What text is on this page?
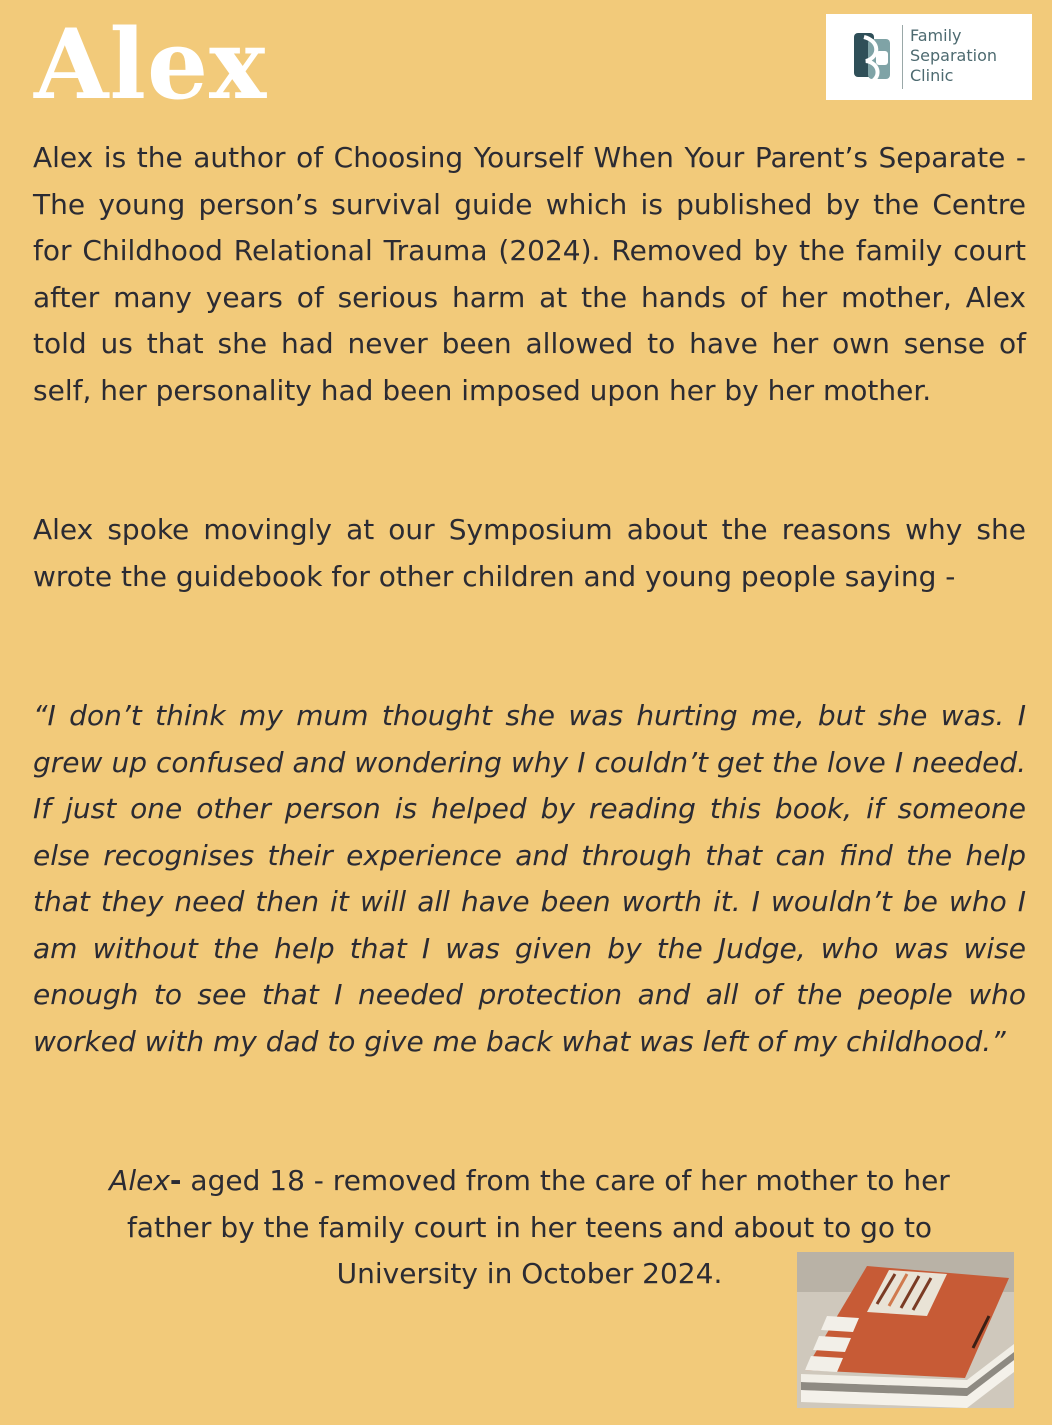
Alex	Family
Separation
Clinic

Alex is the author of Choosing Yourself When Your Parent’s Separate - The young person’s survival guide which is published by the Centre for Childhood Relational Trauma (2024). Removed by the family court after many years of serious harm at the hands of her mother, Alex told us that she had never been allowed to have her own sense of self, her personality had been imposed upon her by her mother.

Alex spoke movingly at our Symposium about the reasons why she wrote the guidebook for other children and young people saying -

“I don’t think my mum thought she was hurting me, but she was. I grew up confused and wondering why I couldn’t get the love I needed. If just one other person is helped by reading this book, if someone else recognises their experience and through that can find the help that they need then it will all have been worth it. I wouldn’t be who I am without the help that I was given by the Judge, who was wise enough to see that I needed protection and all of the people who worked with my dad to give me back what was left of my childhood.”

Alex- aged 18 - removed from the care of her mother to her
father by the family court in her teens and about to go to
University in October 2024.
